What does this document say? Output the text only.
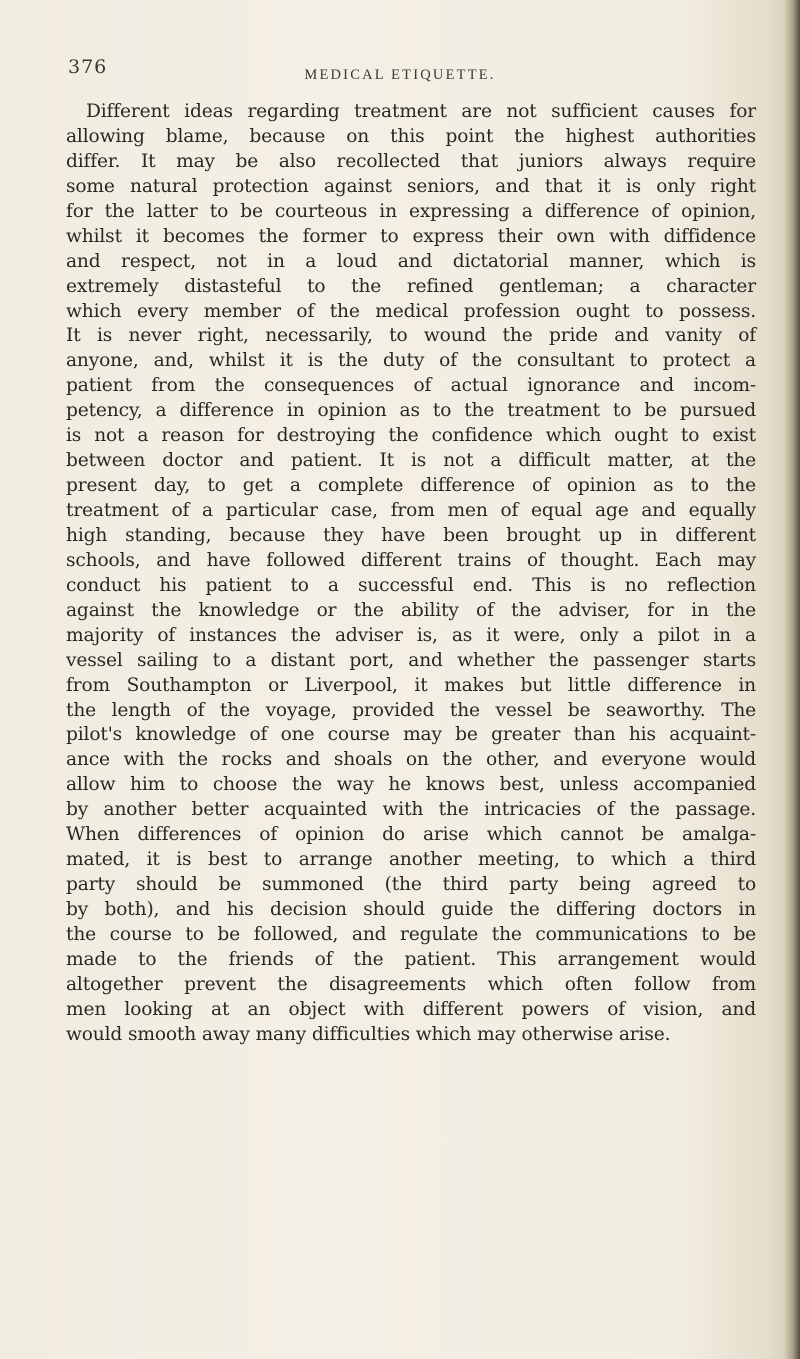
376	MEDICAL ETIQUETTE.
Different ideas regarding treatment are not sufficient causes for
allowing blame, because on this point the highest authorities
differ. It may be also recollected that juniors always require
some natural protection against seniors, and that it is only right
for the latter to be courteous in expressing a difference of opinion,
whilst it becomes the former to express their own with diffidence
and respect, not in a loud and dictatorial manner, which is
extremely distasteful to the refined gentleman; a character
which every member of the medical profession ought to possess.
It is never right, necessarily, to wound the pride and vanity of
anyone, and, whilst it is the duty of the consultant to protect a
patient from the consequences of actual ignorance and incom-
petency, a difference in opinion as to the treatment to be pursued
is not a reason for destroying the confidence which ought to exist
between doctor and patient. It is not a difficult matter, at the
present day, to get a complete difference of opinion as to the
treatment of a particular case, from men of equal age and equally
high standing, because they have been brought up in different
schools, and have followed different trains of thought. Each may
conduct his patient to a successful end. This is no reflection
against the knowledge or the ability of the adviser, for in the
majority of instances the adviser is, as it were, only a pilot in a
vessel sailing to a distant port, and whether the passenger starts
from Southampton or Liverpool, it makes but little difference in
the length of the voyage, provided the vessel be seaworthy. The
pilot's knowledge of one course may be greater than his acquaint-
ance with the rocks and shoals on the other, and everyone would
allow him to choose the way he knows best, unless accompanied
by another better acquainted with the intricacies of the passage.
When differences of opinion do arise which cannot be amalga-
mated, it is best to arrange another meeting, to which a third
party should be summoned (the third party being agreed to
by both), and his decision should guide the differing doctors in
the course to be followed, and regulate the communications to be
made to the friends of the patient. This arrangement would
altogether prevent the disagreements which often follow from
men looking at an object with different powers of vision, and
would smooth away many difficulties which may otherwise arise.
